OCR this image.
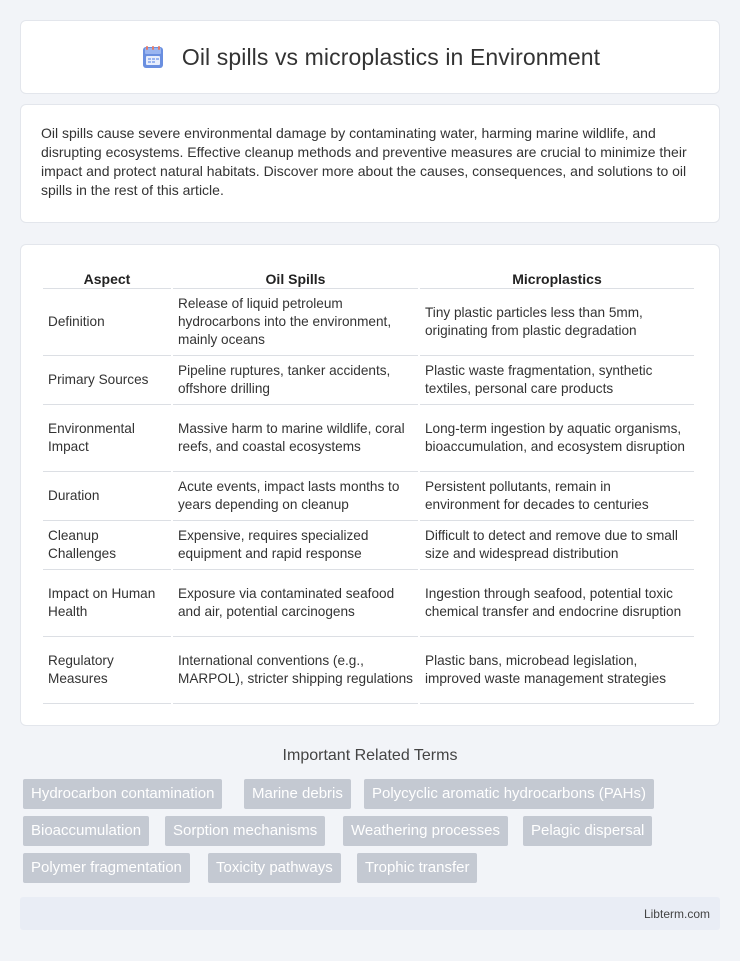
Oil spills vs microplastics in Environment

Oil spills cause severe environmental damage by contaminating water, harming marine wildlife, and disrupting ecosystems. Effective cleanup methods and preventive measures are crucial to minimize their impact and protect natural habitats. Discover more about the causes, consequences, and solutions to oil spills in the rest of this article.

Aspect	Oil Spills	Microplastics
Definition	Release of liquid petroleum hydrocarbons into the environment, mainly oceans	Tiny plastic particles less than 5mm, originating from plastic degradation
Primary Sources	Pipeline ruptures, tanker accidents, offshore drilling	Plastic waste fragmentation, synthetic textiles, personal care products
Environmental Impact	Massive harm to marine wildlife, coral reefs, and coastal ecosystems	Long-term ingestion by aquatic organisms, bioaccumulation, and ecosystem disruption
Duration	Acute events, impact lasts months to years depending on cleanup	Persistent pollutants, remain in environment for decades to centuries
Cleanup Challenges	Expensive, requires specialized equipment and rapid response	Difficult to detect and remove due to small size and widespread distribution
Impact on Human Health	Exposure via contaminated seafood and air, potential carcinogens	Ingestion through seafood, potential toxic chemical transfer and endocrine disruption
Regulatory Measures	International conventions (e.g., MARPOL), stricter shipping regulations	Plastic bans, microbead legislation, improved waste management strategies
Important Related Terms
Hydrocarbon contamination	Marine debris	Polycyclic aromatic hydrocarbons (PAHs)
Bioaccumulation	Sorption mechanisms	Weathering processes	Pelagic dispersal
Polymer fragmentation	Toxicity pathways	Trophic transfer
Libterm.com
